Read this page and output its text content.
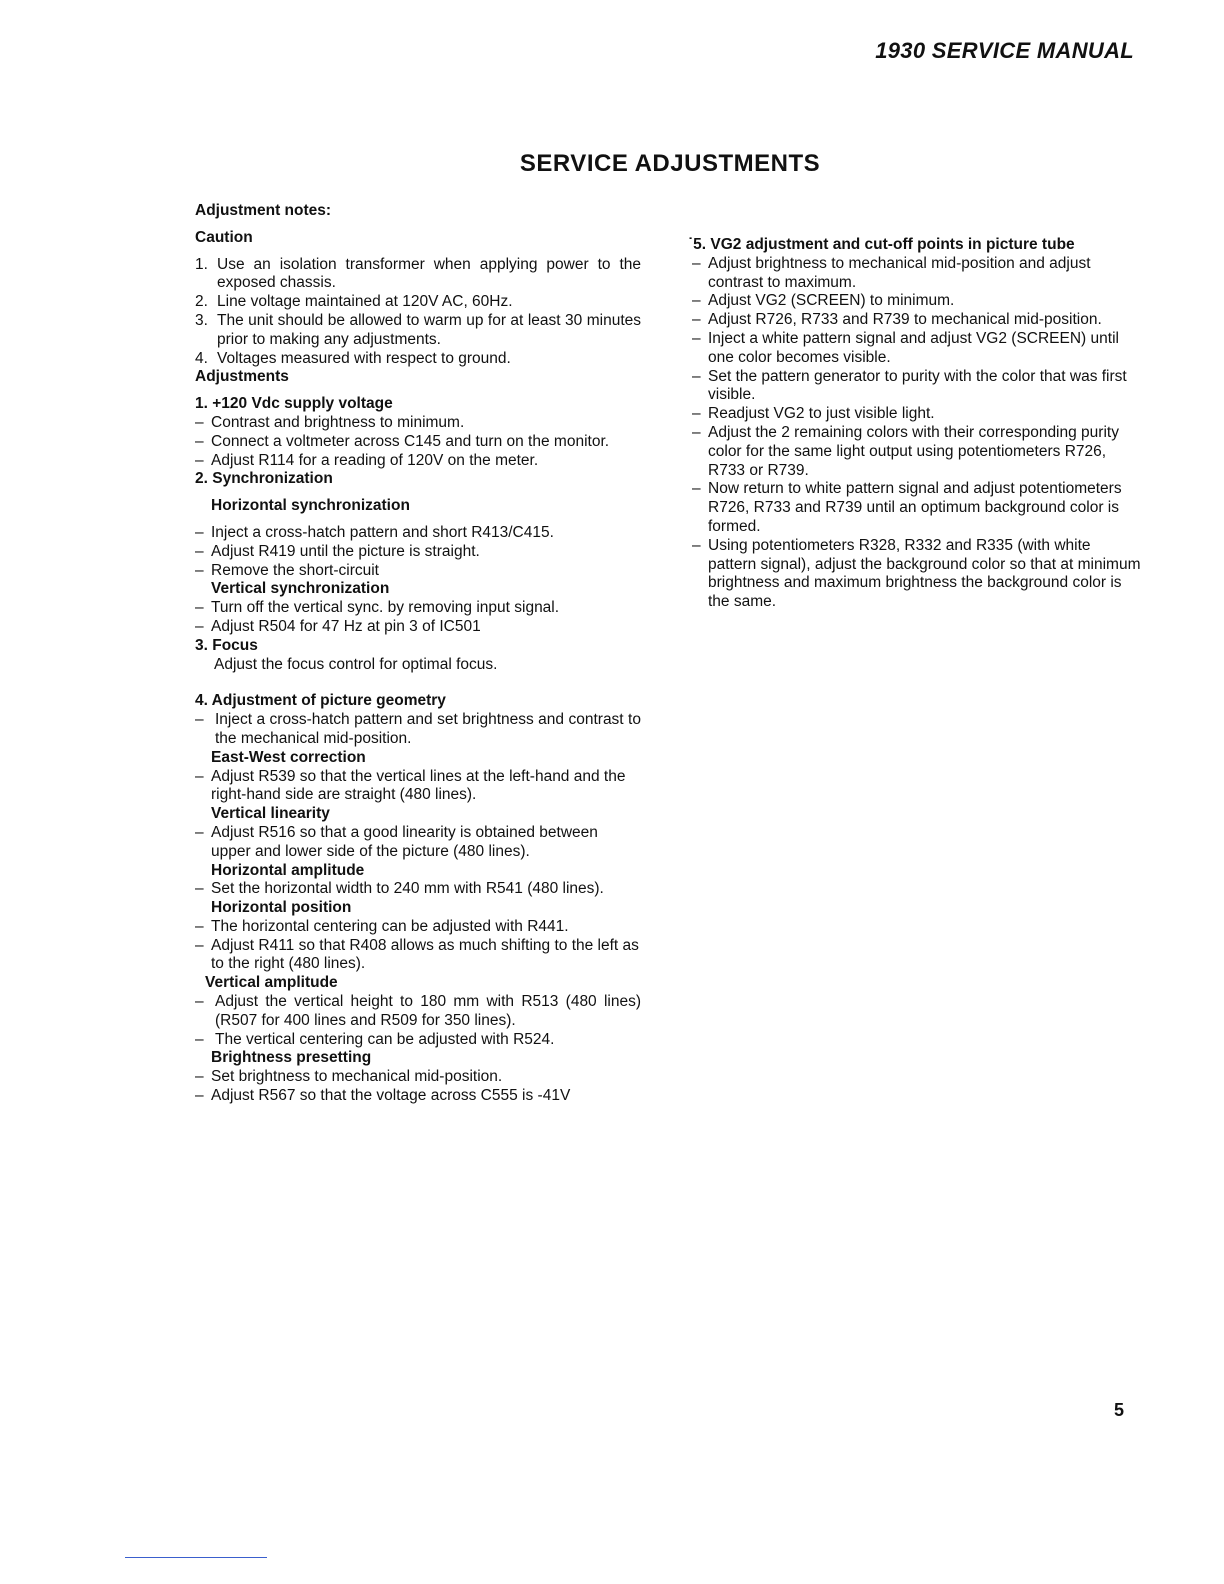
1930 SERVICE MANUAL
SERVICE ADJUSTMENTS
Adjustment notes:
Caution
1. Use an isolation transformer when applying power to the exposed chassis.
2. Line voltage maintained at 120V AC, 60Hz.
3. The unit should be allowed to warm up for at least 30 minutes prior to making any adjustments.
4. Voltages measured with respect to ground.
Adjustments
1. +120 Vdc supply voltage
– Contrast and brightness to minimum.
– Connect a voltmeter across C145 and turn on the monitor.
– Adjust R114 for a reading of 120V on the meter.
2. Synchronization
Horizontal synchronization
– Inject a cross-hatch pattern and short R413/C415.
– Adjust R419 until the picture is straight.
– Remove the short-circuit
Vertical synchronization
– Turn off the vertical sync. by removing input signal.
– Adjust R504 for 47 Hz at pin 3 of IC501
3. Focus
Adjust the focus control for optimal focus.
4. Adjustment of picture geometry
– Inject a cross-hatch pattern and set brightness and contrast to the mechanical mid-position.
East-West correction
– Adjust R539 so that the vertical lines at the left-hand and the right-hand side are straight (480 lines).
Vertical linearity
– Adjust R516 so that a good linearity is obtained between upper and lower side of the picture (480 lines).
Horizontal amplitude
– Set the horizontal width to 240 mm with R541 (480 lines).
Horizontal position
– The horizontal centering can be adjusted with R441.
– Adjust R411 so that R408 allows as much shifting to the left as to the right (480 lines).
Vertical amplitude
– Adjust the vertical height to 180 mm with R513 (480 lines) (R507 for 400 lines and R509 for 350 lines).
– The vertical centering can be adjusted with R524.
Brightness presetting
– Set brightness to mechanical mid-position.
– Adjust R567 so that the voltage across C555 is -41V
˙5. VG2 adjustment and cut-off points in picture tube
– Adjust brightness to mechanical mid-position and adjust contrast to maximum.
– Adjust VG2 (SCREEN) to minimum.
– Adjust R726, R733 and R739 to mechanical mid-position.
– Inject a white pattern signal and adjust VG2 (SCREEN) until one color becomes visible.
– Set the pattern generator to purity with the color that was first visible.
– Readjust VG2 to just visible light.
– Adjust the 2 remaining colors with their corresponding purity color for the same light output using potentiometers R726, R733 or R739.
– Now return to white pattern signal and adjust potentiometers R726, R733 and R739 until an optimum background color is formed.
– Using potentiometers R328, R332 and R335 (with white pattern signal), adjust the background color so that at minimum brightness and maximum brightness the background color is the same.
5
